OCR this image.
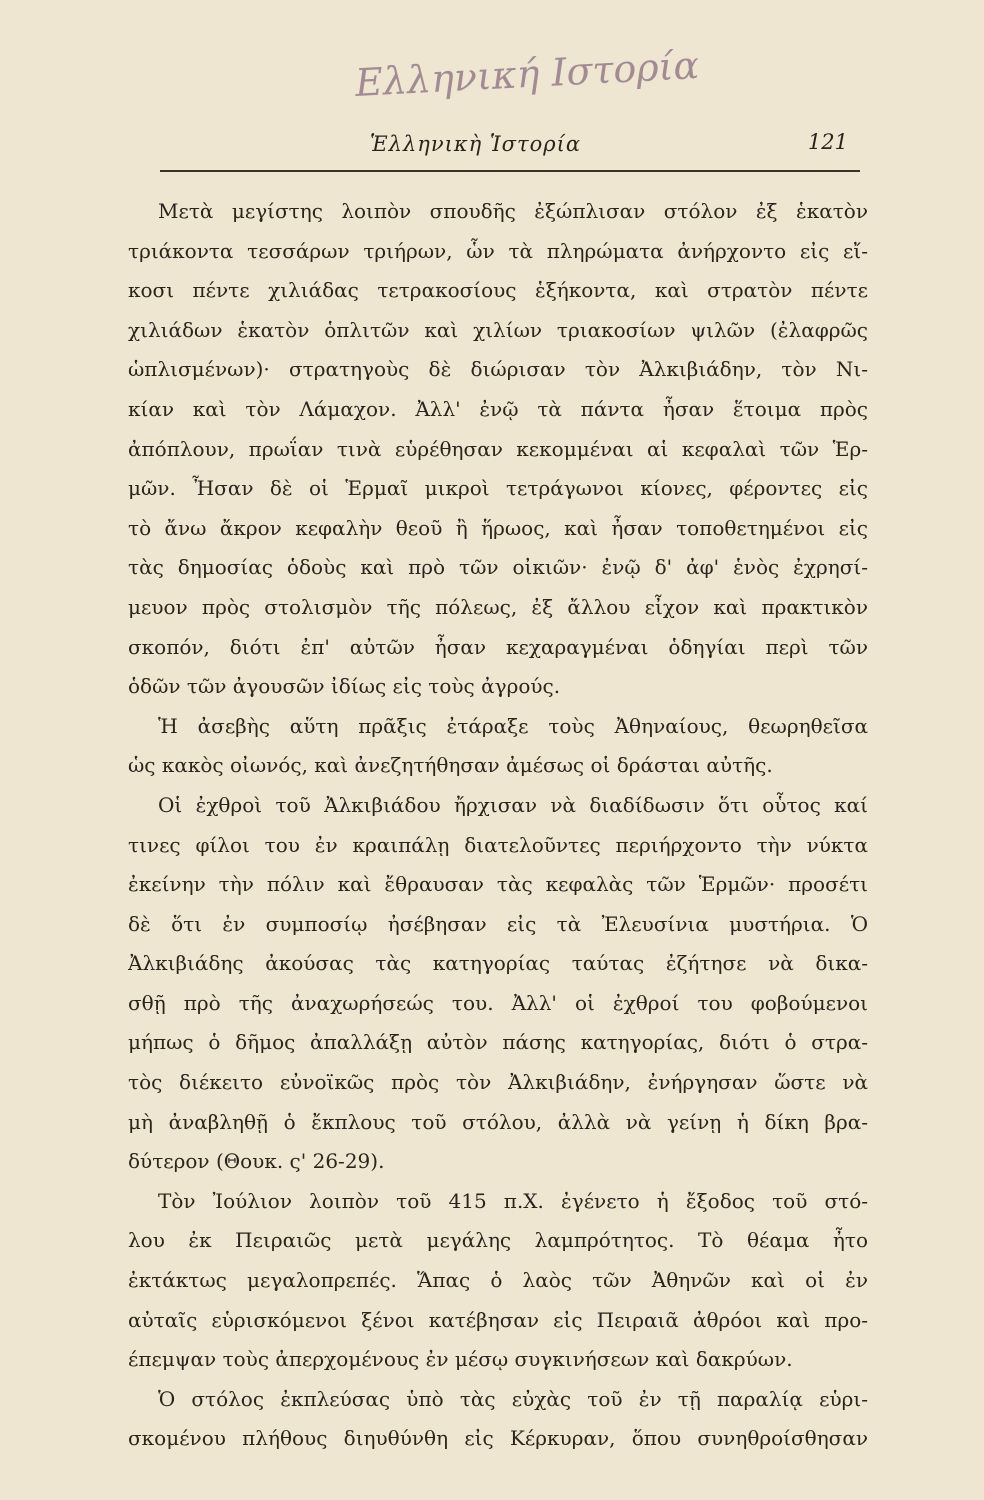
Ελληνική Ιστορία
Ἑλληνικὴ Ἱστορία	121
Μετὰ μεγίστης λοιπὸν σπουδῆς ἐξώπλισαν στόλον ἐξ ἑκατὸν
τριάκοντα τεσσάρων τριήρων, ὧν τὰ πληρώματα ἀνήρχοντο εἰς εἴ-
κοσι πέντε χιλιάδας τετρακοσίους ἑξήκοντα, καὶ στρατὸν πέντε
χιλιάδων ἑκατὸν ὁπλιτῶν καὶ χιλίων τριακοσίων ψιλῶν (ἐλαφρῶς
ὡπλισμένων)· στρατηγοὺς δὲ διώρισαν τὸν Ἀλκιβιάδην, τὸν Νι-
κίαν καὶ τὸν Λάμαχον. Ἀλλ' ἐνῷ τὰ πάντα ἦσαν ἕτοιμα πρὸς
ἀπόπλουν, πρωΐαν τινὰ εὑρέθησαν κεκομμέναι αἱ κεφαλαὶ τῶν Ἑρ-
μῶν. Ἦσαν δὲ οἱ Ἑρμαῖ μικροὶ τετράγωνοι κίονες, φέροντες εἰς
τὸ ἄνω ἄκρον κεφαλὴν θεοῦ ἢ ἥρωος, καὶ ἦσαν τοποθετημένοι εἰς
τὰς δημοσίας ὁδοὺς καὶ πρὸ τῶν οἰκιῶν· ἐνῷ δ' ἀφ' ἑνὸς ἐχρησί-
μευον πρὸς στολισμὸν τῆς πόλεως, ἐξ ἄλλου εἶχον καὶ πρακτικὸν
σκοπόν, διότι ἐπ' αὐτῶν ἦσαν κεχαραγμέναι ὁδηγίαι περὶ τῶν
ὁδῶν τῶν ἀγουσῶν ἰδίως εἰς τοὺς ἀγρούς.
Ἡ ἀσεβὴς αὕτη πρᾶξις ἐτάραξε τοὺς Ἀθηναίους, θεωρηθεῖσα
ὡς κακὸς οἰωνός, καὶ ἀνεζητήθησαν ἀμέσως οἱ δράσται αὐτῆς.
Οἱ ἐχθροὶ τοῦ Ἀλκιβιάδου ἤρχισαν νὰ διαδίδωσιν ὅτι οὗτος καί
τινες φίλοι του ἐν κραιπάλῃ διατελοῦντες περιήρχοντο τὴν νύκτα
ἐκείνην τὴν πόλιν καὶ ἔθραυσαν τὰς κεφαλὰς τῶν Ἑρμῶν· προσέτι
δὲ ὅτι ἐν συμποσίῳ ἠσέβησαν εἰς τὰ Ἐλευσίνια μυστήρια. Ὁ
Ἀλκιβιάδης ἀκούσας τὰς κατηγορίας ταύτας ἐζήτησε νὰ δικα-
σθῇ πρὸ τῆς ἀναχωρήσεώς του. Ἀλλ' οἱ ἐχθροί του φοβούμενοι
μήπως ὁ δῆμος ἀπαλλάξῃ αὐτὸν πάσης κατηγορίας, διότι ὁ στρα-
τὸς διέκειτο εὐνοϊκῶς πρὸς τὸν Ἀλκιβιάδην, ἐνήργησαν ὥστε νὰ
μὴ ἀναβληθῇ ὁ ἔκπλους τοῦ στόλου, ἀλλὰ νὰ γείνῃ ἡ δίκη βρα-
δύτερον (Θουκ. ς' 26-29).
Τὸν Ἰούλιον λοιπὸν τοῦ 415 π.Χ. ἐγένετο ἡ ἔξοδος τοῦ στό-
λου ἐκ Πειραιῶς μετὰ μεγάλης λαμπρότητος. Τὸ θέαμα ἦτο
ἐκτάκτως μεγαλοπρεπές. Ἅπας ὁ λαὸς τῶν Ἀθηνῶν καὶ οἱ ἐν
αὐταῖς εὑρισκόμενοι ξένοι κατέβησαν εἰς Πειραιᾶ ἀθρόοι καὶ προ-
έπεμψαν τοὺς ἀπερχομένους ἐν μέσῳ συγκινήσεων καὶ δακρύων.
Ὁ στόλος ἐκπλεύσας ὑπὸ τὰς εὐχὰς τοῦ ἐν τῇ παραλίᾳ εὑρι-
σκομένου πλήθους διηυθύνθη εἰς Κέρκυραν, ὅπου συνηθροίσθησαν
